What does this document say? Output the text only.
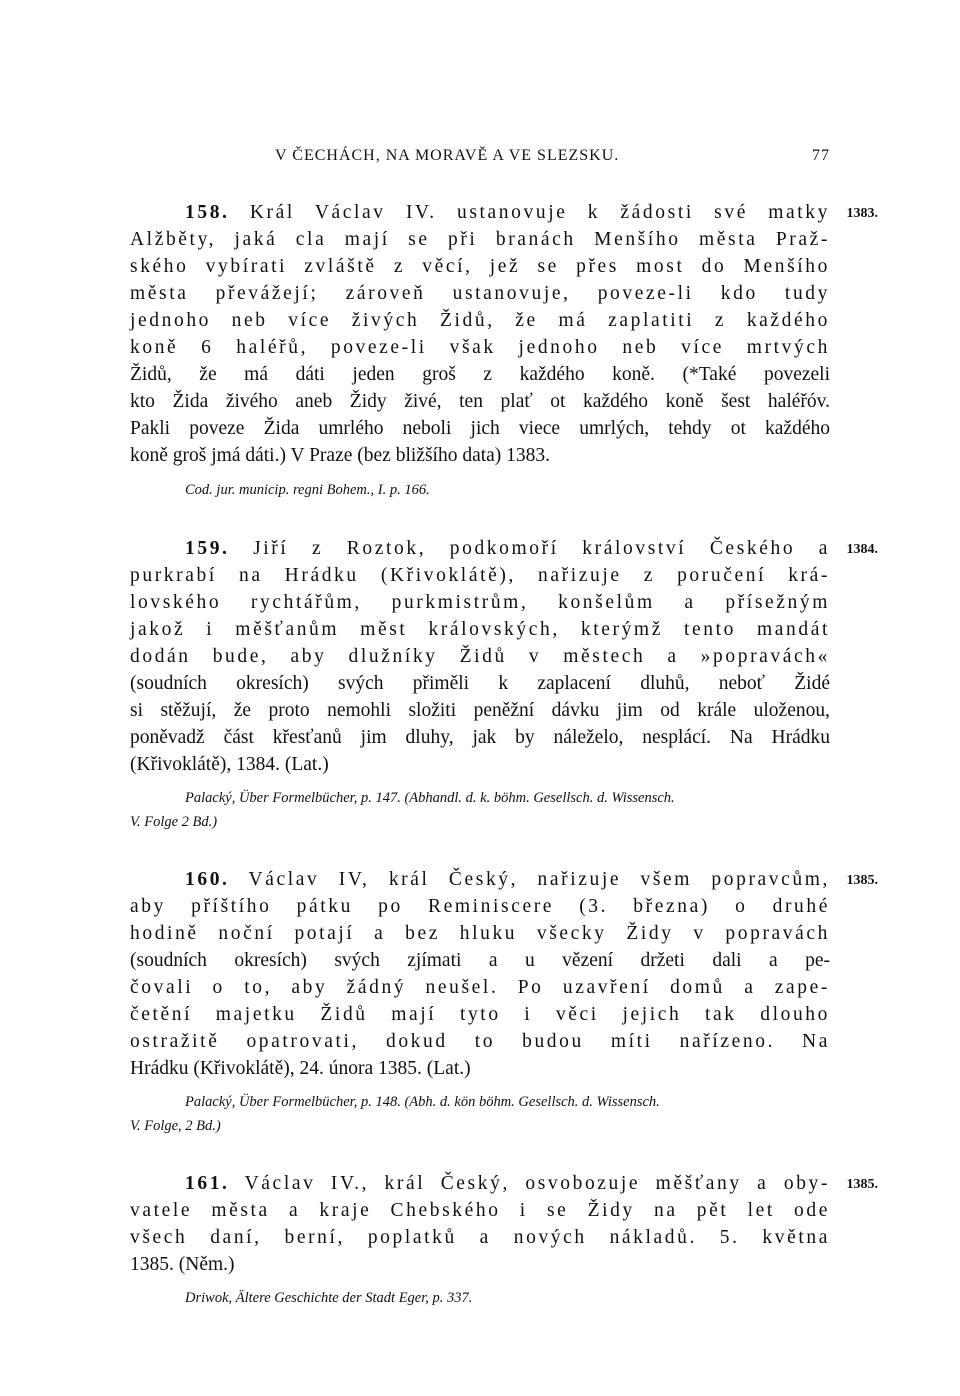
V ČECHÁCH, NA MORAVĚ A VE SLEZSKU.	77
1383.
158. Král Václav IV. ustanovuje k žádosti své matky
Alžběty, jaká cla mají se při branách Menšího města Praž-
ského vybírati zvláště z věcí, jež se přes most do Menšího
města převážejí; zároveň ustanovuje, poveze-li kdo tudy
jednoho neb více živých Židů, že má zaplatiti z každého
koně 6 haléřů, poveze-li však jednoho neb více mrtvých
Židů, že má dáti jeden groš z každého koně. (*Také povezeli
kto Žida živého aneb Židy živé, ten plať ot každého koně šest haléřóv.
Pakli poveze Žida umrlého neboli jich viece umrlých, tehdy ot každého
koně groš jmá dáti.) V Praze (bez bližšího data) 1383.
Cod. jur. municip. regni Bohem., I. p. 166.
1384.
159. Jiří z Roztok, podkomoří království Českého a
purkrabí na Hrádku (Křivoklátě), nařizuje z poručení krá-
lovského rychtářům, purkmistrům, konšelům a přísežným
jakož i měšťanům měst královských, kterýmž tento mandát
dodán bude, aby dlužníky Židů v městech a »popravách«
(soudních okresích) svých přiměli k zaplacení dluhů, neboť Židé
si stěžují, že proto nemohli složiti peněžní dávku jim od krále uloženou,
poněvadž část křesťanů jim dluhy, jak by náleželo, nesplácí. Na Hrádku
(Křivoklátě), 1384. (Lat.)
Palacký, Über Formelbücher, p. 147. (Abhandl. d. k. böhm. Gesellsch. d. Wissensch.
V. Folge 2 Bd.)
1385.
160. Václav IV, král Český, nařizuje všem popravcům,
aby příštího pátku po Reminiscere (3. března) o druhé
hodině noční potají a bez hluku všecky Židy v popravách
(soudních okresích) svých zjímati a u vězení držeti dali a pe-
čovali o to, aby žádný neušel. Po uzavření domů a zape-
četění majetku Židů mají tyto i věci jejich tak dlouho
ostražitě opatrovati, dokud to budou míti nařízeno. Na
Hrádku (Křivoklátě), 24. února 1385. (Lat.)
Palacký, Über Formelbücher, p. 148. (Abh. d. kön böhm. Gesellsch. d. Wissensch.
V. Folge, 2 Bd.)
1385.
161. Václav IV., král Český, osvobozuje měšťany a oby-
vatele města a kraje Chebského i se Židy na pět let ode
všech daní, berní, poplatků a nových nákladů. 5. května
1385. (Něm.)
Driwok, Ältere Geschichte der Stadt Eger, p. 337.
